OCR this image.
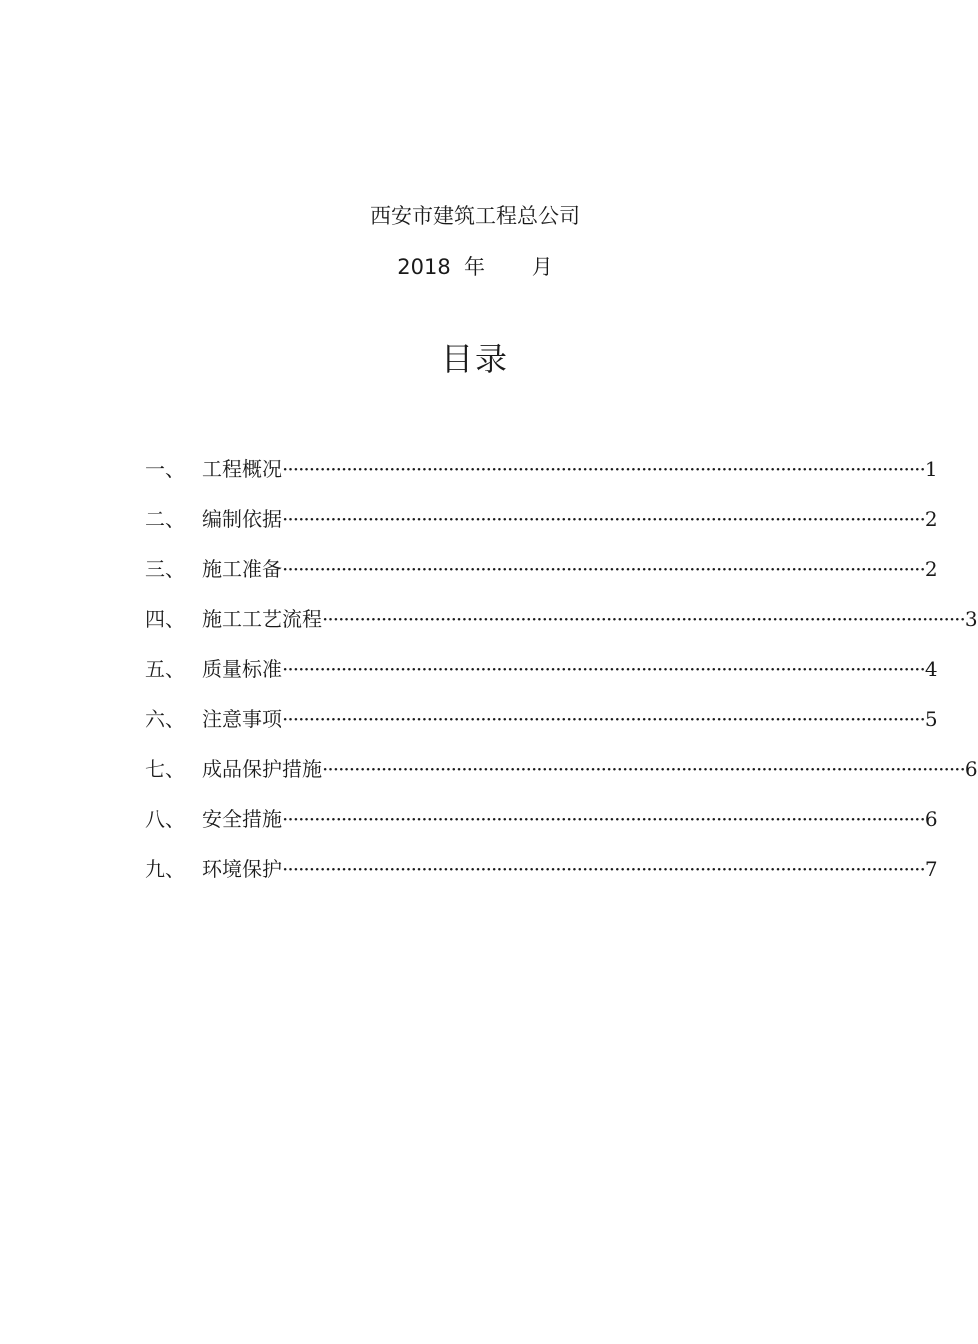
西安市建筑工程总公司
2018  年       月
目录
一、 工程概况 ························································································································ 1
二、 编制依据 ························································································································ 2
三、 施工准备 ························································································································ 2
四、 施工工艺流程 ························································································································ 3
五、 质量标准 ························································································································ 4
六、 注意事项 ························································································································ 5
七、 成品保护措施 ························································································································ 6
八、 安全措施 ························································································································ 6
九、 环境保护 ························································································································ 7
